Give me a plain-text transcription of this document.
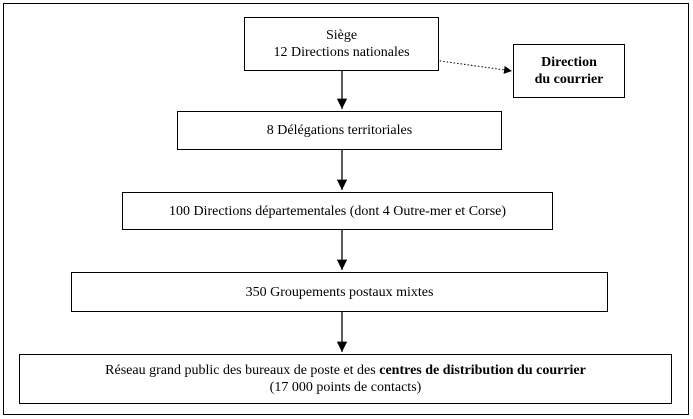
Siège
12 Directions nationales
Direction
du courrier
8 Délégations territoriales
100 Directions départementales (dont 4 Outre-mer et Corse)
350 Groupements postaux mixtes
Réseau grand public des bureaux de poste et des centres de distribution du courrier
(17 000 points de contacts)
